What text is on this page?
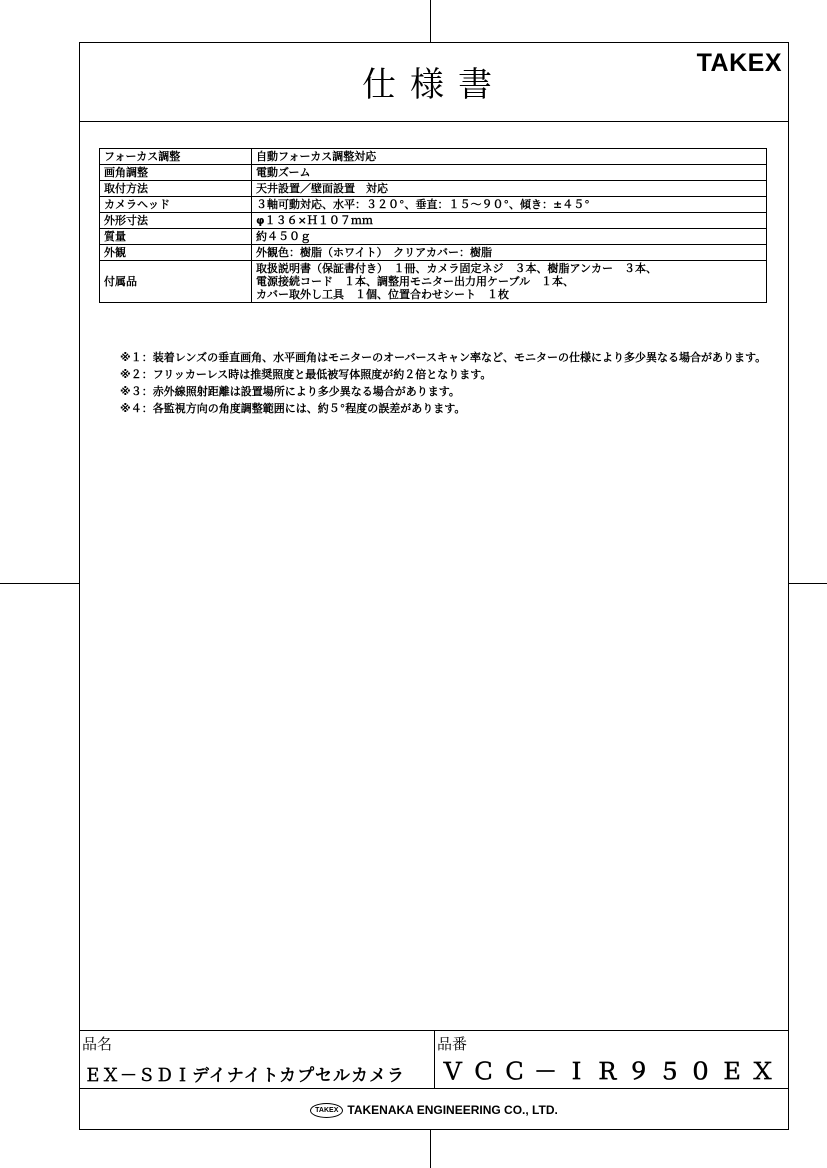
仕様書
TAKEX
フォーカス調整	自動フォーカス調整対応
画角調整	電動ズーム
取付方法	天井設置／壁面設置　対応
カメラヘッド	３軸可動対応、水平：３２０°、垂直：１５～９０°、傾き：±４５°
外形寸法	φ１３６×Ｈ１０７ｍｍ
質量	約４５０ｇ
外観	外観色：樹脂（ホワイト）　クリアカバー：樹脂
付属品	取扱説明書（保証書付き）　１冊、カメラ固定ネジ　３本、樹脂アンカー　３本、
電源接続コード　１本、調整用モニター出力用ケーブル　１本、
カバー取外し工具　１個、位置合わせシート　１枚
※１： 装着レンズの垂直画角、水平画角はモニターのオーバースキャン率など、モニターの仕様により多少異なる場合があります。
※２： フリッカーレス時は推奨照度と最低被写体照度が約２倍となります。
※３： 赤外線照射距離は設置場所により多少異なる場合があります。
※４： 各監視方向の角度調整範囲には、約５°程度の誤差があります。
品名
ＥＸ－ＳＤＩデイナイトカプセルカメラ
品番
ＶＣＣ－ＩＲ９５０ＥＸ
TAKEX TAKENAKA ENGINEERING CO., LTD.
